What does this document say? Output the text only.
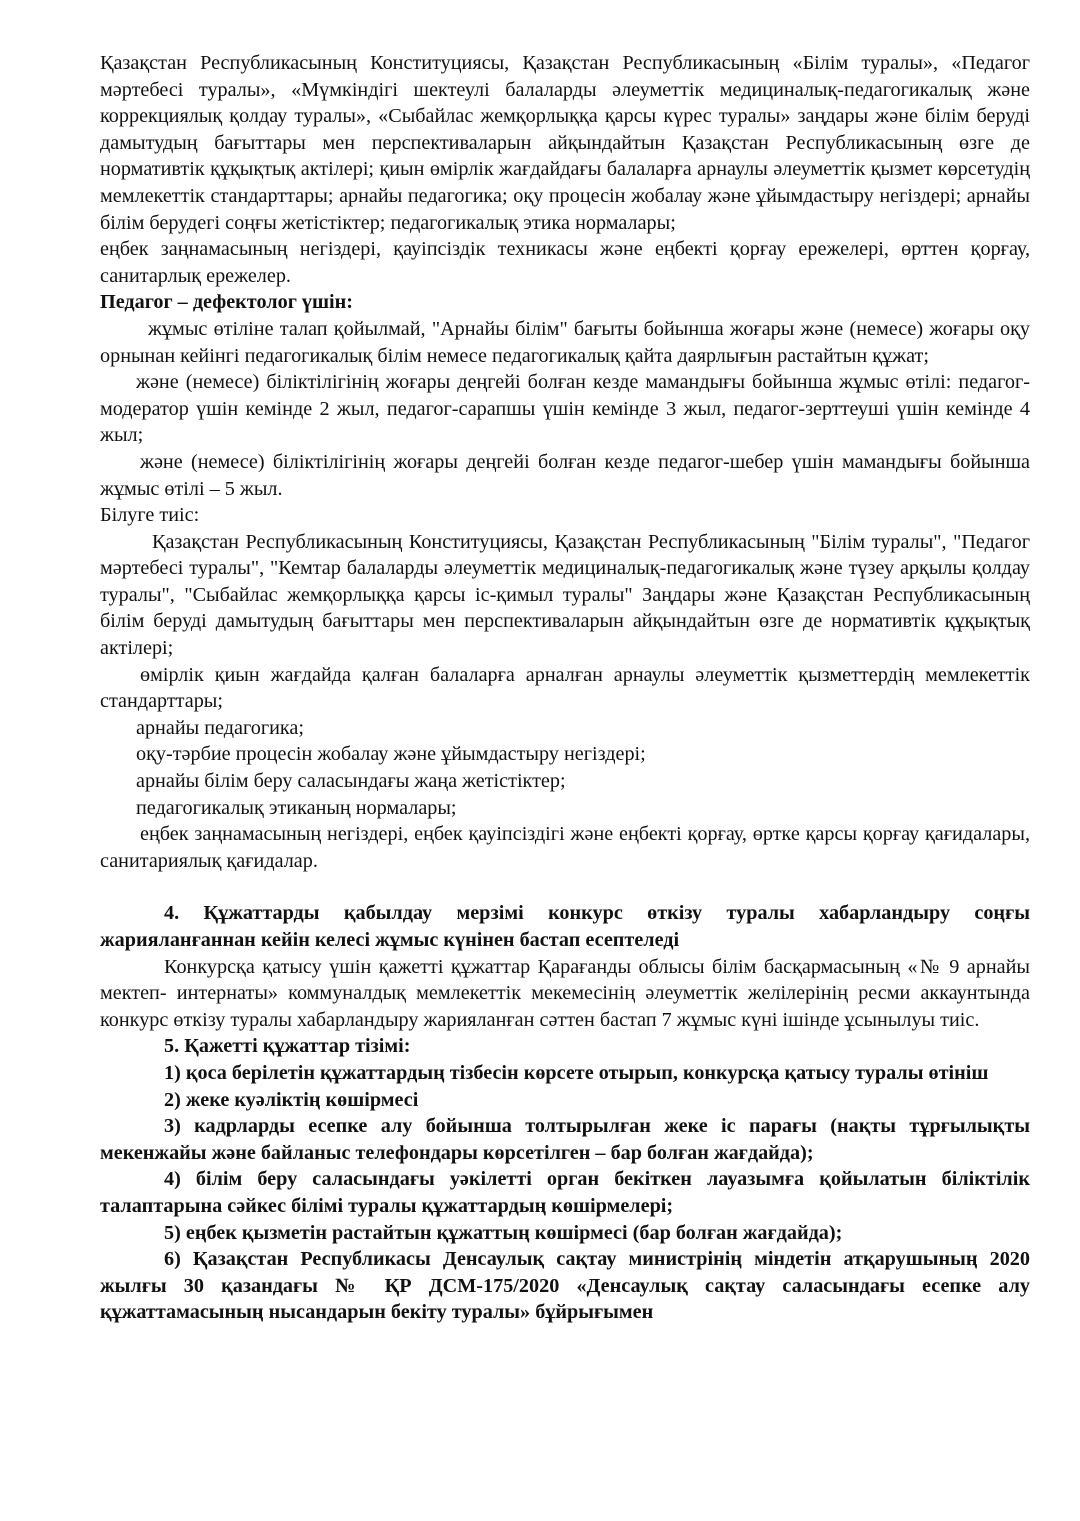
Қазақстан Республикасының Конституциясы, Қазақстан Республикасының «Білім туралы», «Педагог мәртебесі туралы», «Мүмкіндігі шектеулі балаларды әлеуметтік медициналық-педагогикалық және коррекциялық қолдау туралы», «Сыбайлас жемқорлыққа қарсы күрес туралы» заңдары және білім беруді дамытудың бағыттары мен перспективаларын айқындайтын Қазақстан Республикасының өзге де нормативтік құқықтық актілері; қиын өмірлік жағдайдағы балаларға арнаулы әлеуметтік қызмет көрсетудің мемлекеттік стандарттары; арнайы педагогика; оқу процесін жобалау және ұйымдастыру негіздері; арнайы білім берудегі соңғы жетістіктер; педагогикалық этика нормалары;

еңбек заңнамасының негіздері, қауіпсіздік техникасы және еңбекті қорғау ережелері, өрттен қорғау, санитарлық ережелер.

Педагог – дефектолог үшін:

жұмыс өтіліне талап қойылмай, "Арнайы білім" бағыты бойынша жоғары және (немесе) жоғары оқу орнынан кейінгі педагогикалық білім немесе педагогикалық қайта даярлығын растайтын құжат;

және (немесе) біліктілігінің жоғары деңгейі болған кезде мамандығы бойынша жұмыс өтілі: педагог-модератор үшін кемінде 2 жыл, педагог-сарапшы үшін кемінде 3 жыл, педагог-зерттеуші үшін кемінде 4 жыл;

және (немесе) біліктілігінің жоғары деңгейі болған кезде педагог-шебер үшін мамандығы бойынша жұмыс өтілі – 5 жыл.

Білуге тиіс:

Қазақстан Республикасының Конституциясы, Қазақстан Республикасының "Білім туралы", "Педагог мәртебесі туралы", "Кемтар балаларды әлеуметтік медициналық-педагогикалық және түзеу арқылы қолдау туралы", "Сыбайлас жемқорлыққа қарсы іс-қимыл туралы" Заңдары және Қазақстан Республикасының білім беруді дамытудың бағыттары мен перспективаларын айқындайтын өзге де нормативтік құқықтық актілері;

өмірлік қиын жағдайда қалған балаларға арналған арнаулы әлеуметтік қызметтердің мемлекеттік стандарттары;

арнайы педагогика;

оқу-тәрбие процесін жобалау және ұйымдастыру негіздері;

арнайы білім беру саласындағы жаңа жетістіктер;

педагогикалық этиканың нормалары;

еңбек заңнамасының негіздері, еңбек қауіпсіздігі және еңбекті қорғау, өртке қарсы қорғау қағидалары, санитариялық қағидалар.

4. Құжаттарды қабылдау мерзімі конкурс өткізу туралы хабарландыру соңғы жарияланғаннан кейін келесі жұмыс күнінен бастап есептеледі

Конкурсқа қатысу үшін қажетті құжаттар Қарағанды облысы білім басқармасының «№ 9 арнайы мектеп- интернаты» коммуналдық мемлекеттік мекемесінің әлеуметтік желілерінің ресми аккаунтында конкурс өткізу туралы хабарландыру жарияланған сәттен бастап 7 жұмыс күні ішінде ұсынылуы тиіс.

5. Қажетті құжаттар тізімі:

1) қоса берілетін құжаттардың тізбесін көрсете отырып, конкурсқа қатысу туралы өтініш

2) жеке куәліктің көшірмесі

3) кадрларды есепке алу бойынша толтырылған жеке іс парағы (нақты тұрғылықты мекенжайы және байланыс телефондары көрсетілген – бар болған жағдайда);

4) білім беру саласындағы уәкілетті орган бекіткен лауазымға қойылатын біліктілік талаптарына сәйкес білімі туралы құжаттардың көшірмелері;

5) еңбек қызметін растайтын құжаттың көшірмесі (бар болған жағдайда);

6) Қазақстан Республикасы Денсаулық сақтау министрінің міндетін атқарушының 2020 жылғы 30 қазандағы № ҚР ДСМ-175/2020 «Денсаулық сақтау саласындағы есепке алу құжаттамасының нысандарын бекіту туралы» бұйрығымен
